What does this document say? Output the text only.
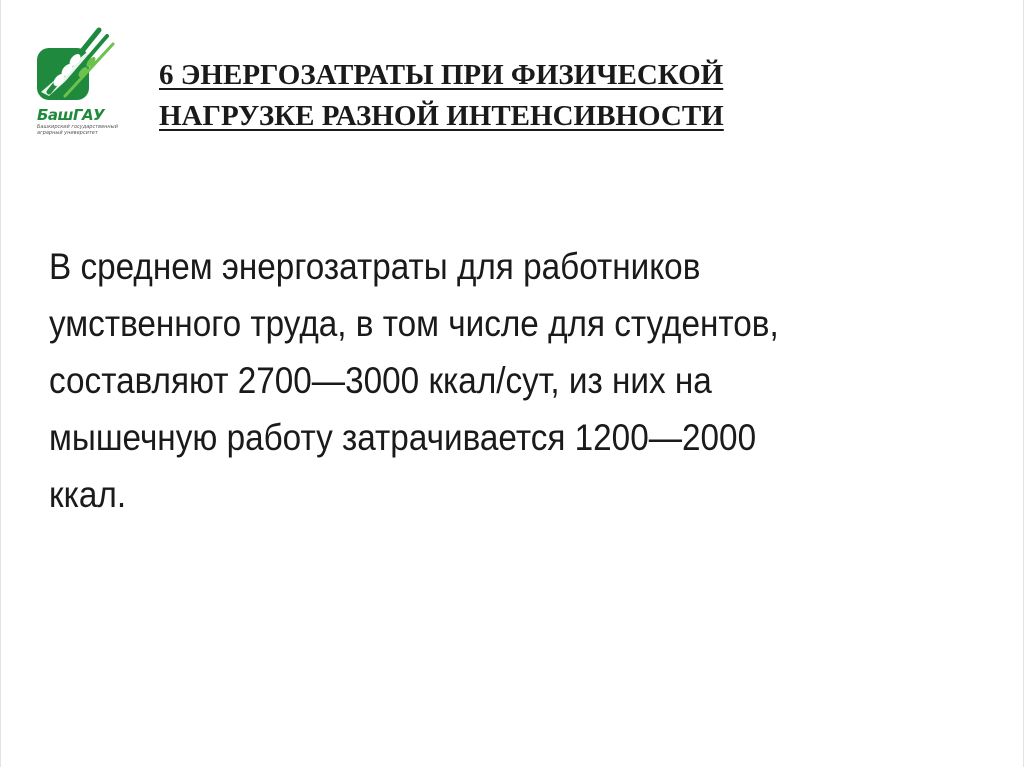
БашГАУ
Башкирский государственный аграрный университет
6 ЭНЕРГОЗАТРАТЫ ПРИ ФИЗИЧЕСКОЙ
НАГРУЗКЕ РАЗНОЙ ИНТЕНСИВНОСТИ

В среднем энергозатраты для работников
умственного труда, в том числе для студентов,
составляют 2700—3000 ккал/сут, из них на
мышечную работу затрачивается 1200—2000
ккал.
